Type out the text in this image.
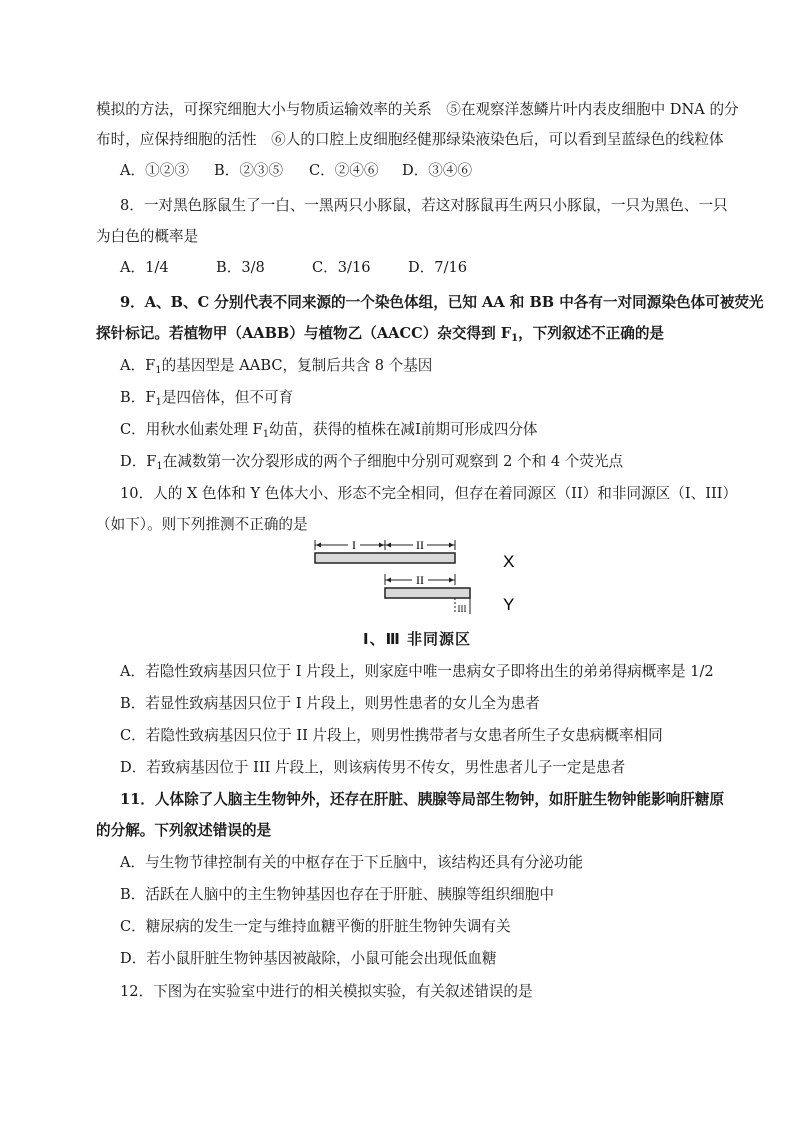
模拟的方法，可探究细胞大小与物质运输效率的关系　⑤在观察洋葱鳞片叶内表皮细胞中 DNA 的分
布时，应保持细胞的活性　⑥人的口腔上皮细胞经健那绿染液染色后，可以看到呈蓝绿色的线粒体
A．①②③ B．②③⑤ C．②④⑥ D．③④⑥
8．一对黑色豚鼠生了一白、一黑两只小豚鼠，若这对豚鼠再生两只小豚鼠，一只为黑色、一只
为白色的概率是
A．1/4	B．3/8	C．3/16	D．7/16
9．A、B、C 分别代表不同来源的一个染色体组，已知 AA 和 BB 中各有一对同源染色体可被荧光
探针标记。若植物甲（AABB）与植物乙（AACC）杂交得到 $F_1$，下列叙述不正确的是
A．$F_1$的基因型是 AABC，复制后共含 8 个基因
B．$F_1$是四倍体，但不可育
C．用秋水仙素处理 $F_1$幼苗，获得的植株在减Ⅰ前期可形成四分体
D．$F_1$在减数第一次分裂形成的两个子细胞中分别可观察到 2 个和 4 个荧光点
10．人的 X 色体和 Y 色体大小、形态不完全相同，但存在着同源区（II）和非同源区（I、III）
（如下）。则下列推测不正确的是
I	II
II
III
X
Y
Ⅰ、Ⅲ 非同源区
A．若隐性致病基因只位于 I 片段上，则家庭中唯一患病女子即将出生的弟弟得病概率是 1/2
B．若显性致病基因只位于 I 片段上，则男性患者的女儿全为患者
C．若隐性致病基因只位于 II 片段上，则男性携带者与女患者所生子女患病概率相同
D．若致病基因位于 III 片段上，则该病传男不传女，男性患者儿子一定是患者
11．人体除了人脑主生物钟外，还存在肝脏、胰腺等局部生物钟，如肝脏生物钟能影响肝糖原
的分解。下列叙述错误的是
A．与生物节律控制有关的中枢存在于下丘脑中，该结构还具有分泌功能
B．活跃在人脑中的主生物钟基因也存在于肝脏、胰腺等组织细胞中
C．糖尿病的发生一定与维持血糖平衡的肝脏生物钟失调有关
D．若小鼠肝脏生物钟基因被敲除，小鼠可能会出现低血糖
12．下图为在实验室中进行的相关模拟实验，有关叙述错误的是
